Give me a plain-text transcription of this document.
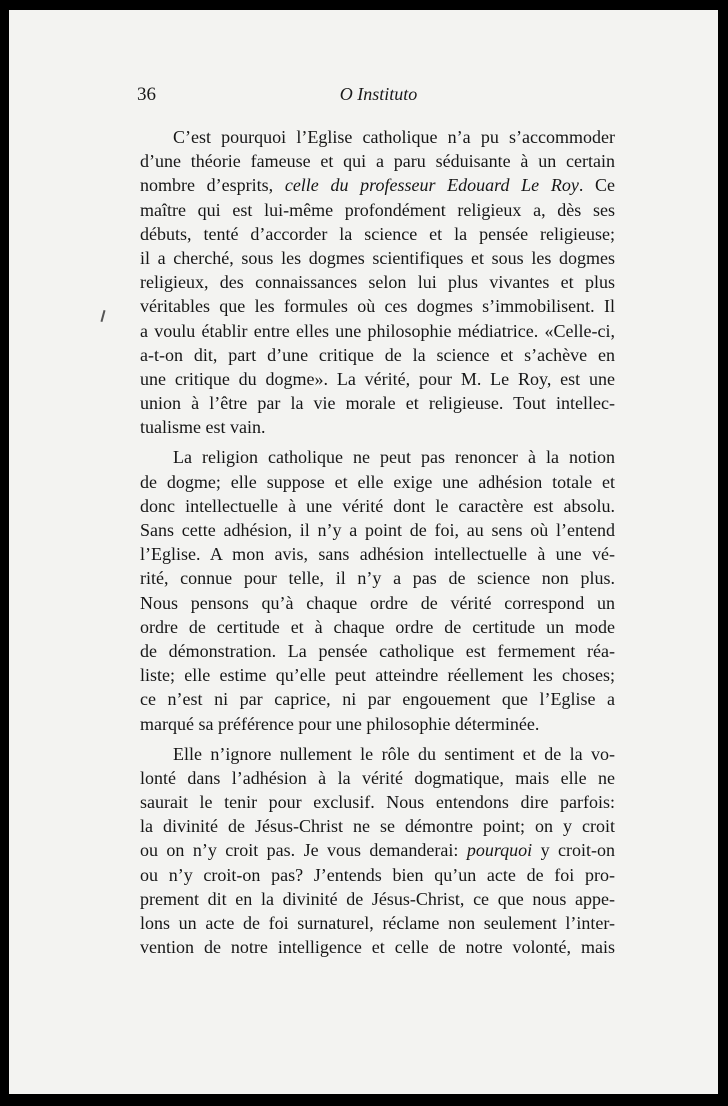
36	O Instituto
C’est pourquoi l’Eglise catholique n’a pu s’accommoder
d’une théorie fameuse et qui a paru séduisante à un certain
nombre d’esprits, celle du professeur Edouard Le Roy. Ce
maître qui est lui-même profondément religieux a, dès ses
débuts, tenté d’accorder la science et la pensée religieuse;
il a cherché, sous les dogmes scientifiques et sous les dogmes
religieux, des connaissances selon lui plus vivantes et plus
véritables que les formules où ces dogmes s’immobilisent. Il
a voulu établir entre elles une philosophie médiatrice. «Celle-ci,
a-t-on dit, part d’une critique de la science et s’achève en
une critique du dogme». La vérité, pour M. Le Roy, est une
union à l’être par la vie morale et religieuse. Tout intellec-
tualisme est vain.
La religion catholique ne peut pas renoncer à la notion
de dogme; elle suppose et elle exige une adhésion totale et
donc intellectuelle à une vérité dont le caractère est absolu.
Sans cette adhésion, il n’y a point de foi, au sens où l’entend
l’Eglise. A mon avis, sans adhésion intellectuelle à une vé-
rité, connue pour telle, il n’y a pas de science non plus.
Nous pensons qu’à chaque ordre de vérité correspond un
ordre de certitude et à chaque ordre de certitude un mode
de démonstration. La pensée catholique est fermement réa-
liste; elle estime qu’elle peut atteindre réellement les choses;
ce n’est ni par caprice, ni par engouement que l’Eglise a
marqué sa préférence pour une philosophie déterminée.
Elle n’ignore nullement le rôle du sentiment et de la vo-
lonté dans l’adhésion à la vérité dogmatique, mais elle ne
saurait le tenir pour exclusif. Nous entendons dire parfois:
la divinité de Jésus-Christ ne se démontre point; on y croit
ou on n’y croit pas. Je vous demanderai: pourquoi y croit-on
ou n’y croit-on pas? J’entends bien qu’un acte de foi pro-
prement dit en la divinité de Jésus-Christ, ce que nous appe-
lons un acte de foi surnaturel, réclame non seulement l’inter-
vention de notre intelligence et celle de notre volonté, mais
